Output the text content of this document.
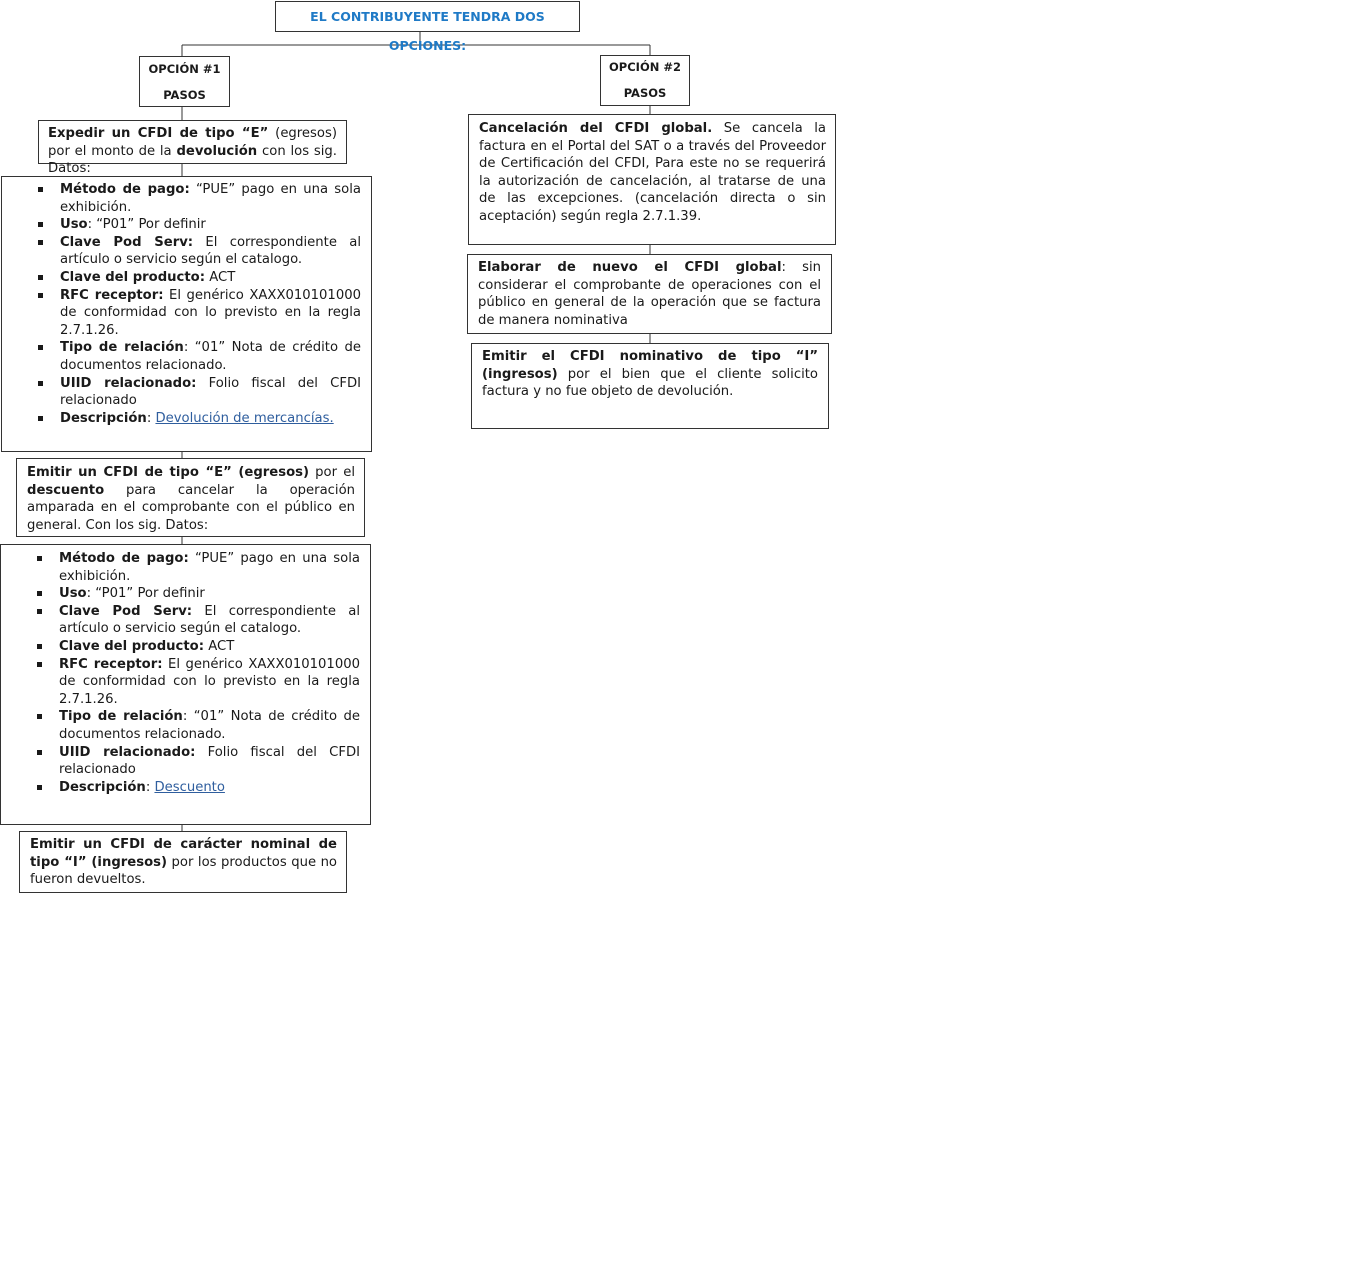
EL CONTRIBUYENTE TENDRA DOS OPCIONES:
OPCIÓN #1
PASOS
OPCIÓN #2
PASOS
Expedir un CFDI de tipo “E” (egresos) por el monto de la devolución con los sig. Datos:
Método de pago: “PUE” pago en una sola exhibición.
Uso: “P01” Por definir
Clave Pod Serv: El correspondiente al artículo o servicio según el catalogo.
Clave del producto: ACT
RFC receptor: El genérico XAXX010101000 de conformidad con lo previsto en la regla 2.7.1.26.
Tipo de relación: “01” Nota de crédito de documentos relacionado.
UIID relacionado: Folio fiscal del CFDI relacionado
Descripción: Devolución de mercancías.
Emitir un CFDI de tipo “E” (egresos) por el descuento para cancelar la operación amparada en el comprobante con el público en general. Con los sig. Datos:
Método de pago: “PUE” pago en una sola exhibición.
Uso: “P01” Por definir
Clave Pod Serv: El correspondiente al artículo o servicio según el catalogo.
Clave del producto: ACT
RFC receptor: El genérico XAXX010101000 de conformidad con lo previsto en la regla 2.7.1.26.
Tipo de relación: “01” Nota de crédito de documentos relacionado.
UIID relacionado: Folio fiscal del CFDI relacionado
Descripción: Descuento
Emitir un CFDI de carácter nominal de tipo “I” (ingresos) por los productos que no fueron devueltos.
Cancelación del CFDI global. Se cancela la factura en el Portal del SAT o a través del Proveedor de Certificación del CFDI, Para este no se requerirá la autorización de cancelación, al tratarse de una de las excepciones. (cancelación directa o sin aceptación) según regla 2.7.1.39.
Elaborar de nuevo el CFDI global: sin considerar el comprobante de operaciones con el público en general de la operación que se factura de manera nominativa
Emitir el CFDI nominativo de tipo “I” (ingresos) por el bien que el cliente solicito factura y no fue objeto de devolución.
